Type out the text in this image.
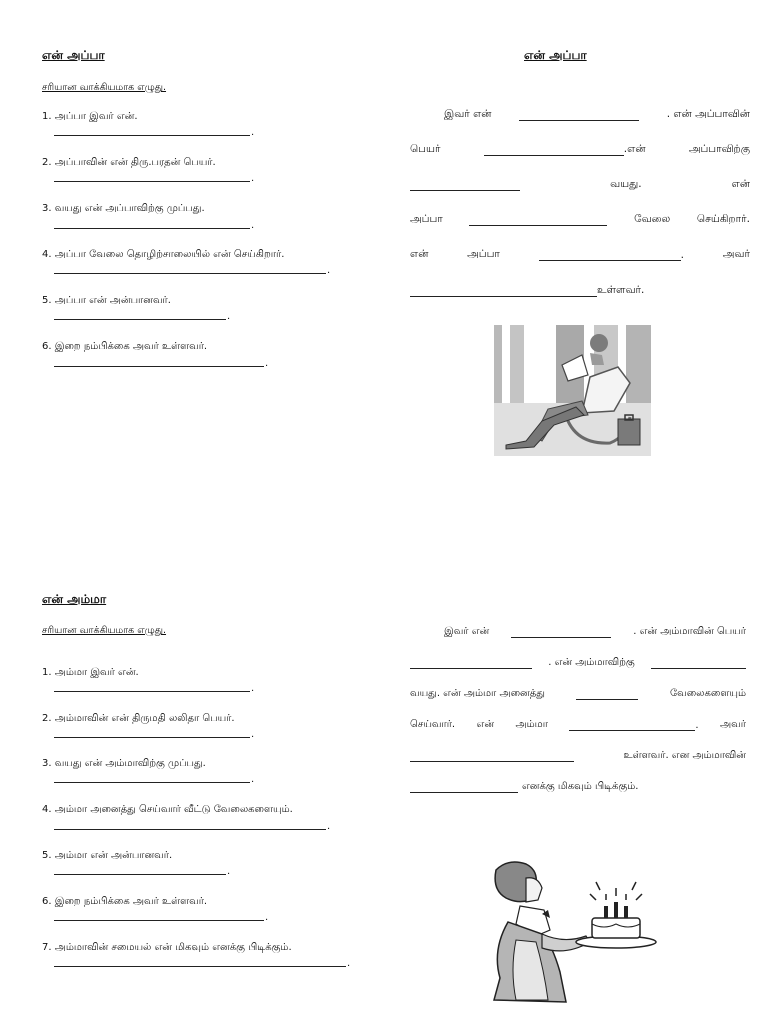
என் அப்பா
சரியான வாக்கியமாக எழுது.
1. அப்பா இவர் என்.
.
2. அப்பாவின் என் திரு.பரதன் பெயர்.
.
3. வயது என் அப்பாவிற்கு முப்பது.
.
4. அப்பா வேலை தொழிற்சாலையில் என் செய்கிறார்.
.
5. அப்பா என் அன்பானவர்.
.
6. இறை நம்பிக்கை அவர் உள்ளவர்.
.
என் அப்பா
இவர் என்	. என் அப்பாவின்
பெயர்	.என்	அப்பாவிற்கு
வயது.	என்
அப்பா	வேலை	செய்கிறார்.
என்	அப்பா	.	அவர்
உள்ளவர்.
என் அம்மா
சரியான வாக்கியமாக எழுது.
1. அம்மா இவர் என்.
.
2. அம்மாவின் என் திருமதி லலிதா பெயர்.
.
3. வயது என் அம்மாவிற்கு முப்பது.
.
4. அம்மா அனைத்து செய்வார் வீட்டு வேலைகளையும்.
.
5. அம்மா என் அன்பானவர்.
.
6. இறை நம்பிக்கை அவர் உள்ளவர்.
.
7. அம்மாவின் சமையல் என் மிகவும் எனக்கு பிடிக்கும்.
.
இவர் என்	. என் அம்மாவின் பெயர்
. என் அம்மாவிற்கு
வயது. என் அம்மா அனைத்து	வேலைகளையும்
செய்வார். என் அம்மா	. அவர்
உள்ளவர். என அம்மாவின்
எனக்கு மிகவும் பிடிக்கும்.
